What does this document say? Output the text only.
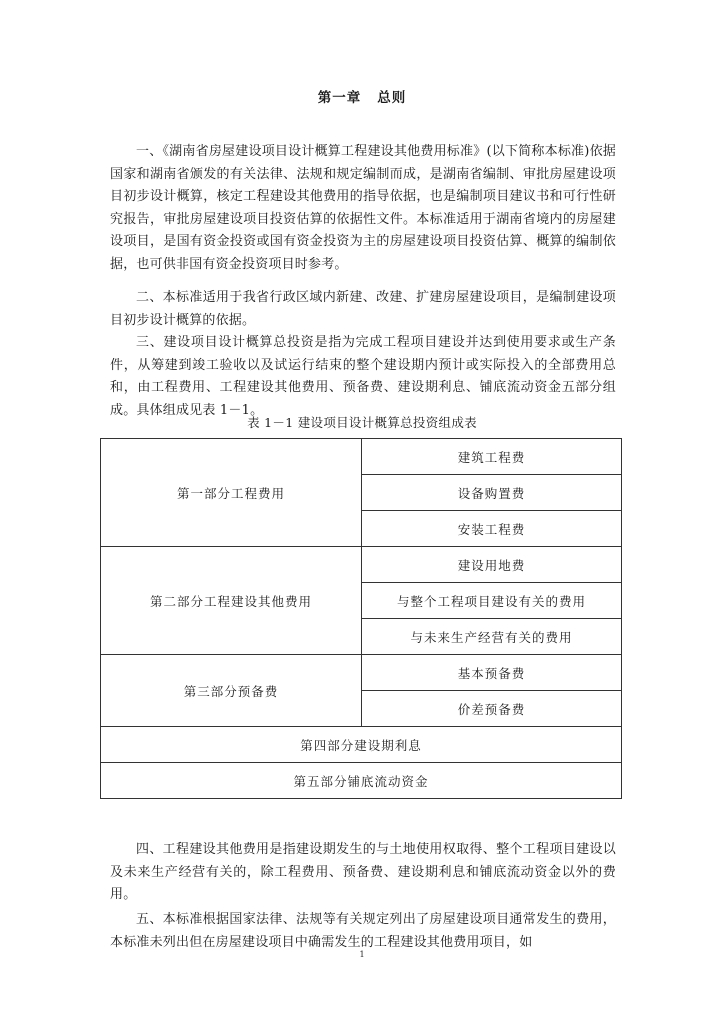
第一章 总则

一、《湖南省房屋建设项目设计概算工程建设其他费用标准》(以下简称本标准)依据国家和湖南省颁发的有关法律、法规和规定编制而成，是湖南省编制、审批房屋建设项目初步设计概算，核定工程建设其他费用的指导依据，也是编制项目建议书和可行性研究报告，审批房屋建设项目投资估算的依据性文件。本标准适用于湖南省境内的房屋建设项目，是国有资金投资或国有资金投资为主的房屋建设项目投资估算、概算的编制依据，也可供非国有资金投资项目时参考。

二、本标准适用于我省行政区域内新建、改建、扩建房屋建设项目，是编制建设项目初步设计概算的依据。

三、建设项目设计概算总投资是指为完成工程项目建设并达到使用要求或生产条件，从筹建到竣工验收以及试运行结束的整个建设期内预计或实际投入的全部费用总和，由工程费用、工程建设其他费用、预备费、建设期利息、铺底流动资金五部分组成。具体组成见表 1－1。

表 1－1 建设项目设计概算总投资组成表
第一部分工程费用	建筑工程费
	设备购置费
	安装工程费
第二部分工程建设其他费用	建设用地费
	与整个工程项目建设有关的费用
	与未来生产经营有关的费用
第三部分预备费	基本预备费
	价差预备费
第四部分建设期利息	
第五部分铺底流动资金	

四、工程建设其他费用是指建设期发生的与土地使用权取得、整个工程项目建设以及未来生产经营有关的，除工程费用、预备费、建设期利息和铺底流动资金以外的费用。

五、本标准根据国家法律、法规等有关规定列出了房屋建设项目通常发生的费用，本标准未列出但在房屋建设项目中确需发生的工程建设其他费用项目，如

1
